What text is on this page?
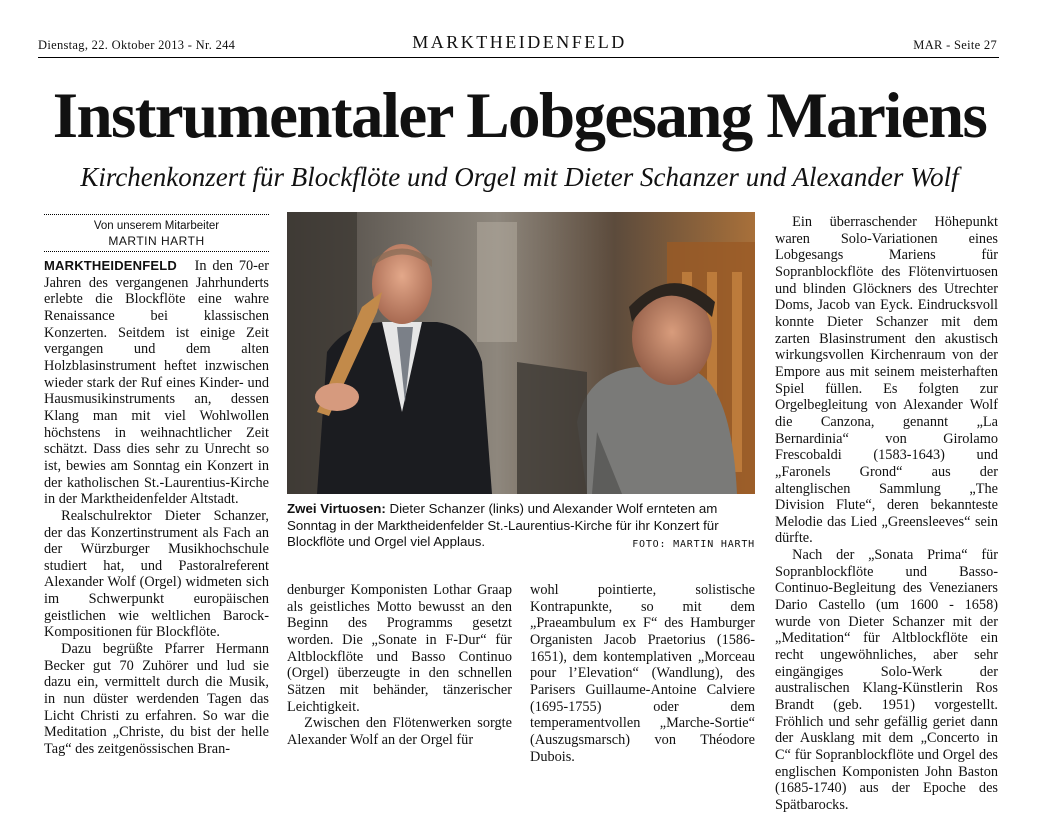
Dienstag, 22. Oktober 2013 - Nr. 244	MARKTHEIDENFELD	MAR - Seite 27
Instrumentaler Lobgesang Mariens
Kirchenkonzert für Blockflöte und Orgel mit Dieter Schanzer und Alexander Wolf
Von unserem Mitarbeiter
MARTIN HARTH

MARKTHEIDENFELD In den 70-er Jahren des vergangenen Jahrhunderts erlebte die Blockflöte eine wahre Renaissance bei klassischen Konzerten. Seitdem ist einige Zeit vergangen und dem alten Holzblasinstrument heftet inzwischen wieder stark der Ruf eines Kinder- und Hausmusikinstruments an, dessen Klang man mit viel Wohlwollen höchstens in weihnachtlicher Zeit schätzt. Dass dies sehr zu Unrecht so ist, bewies am Sonntag ein Konzert in der katholischen St.-Laurentius-Kirche in der Marktheidenfelder Altstadt.

Realschulrektor Dieter Schanzer, der das Konzertinstrument als Fach an der Würzburger Musikhochschule studiert hat, und Pastoralreferent Alexander Wolf (Orgel) widmeten sich im Schwerpunkt europäischen geistlichen wie weltlichen Barock-Kompositionen für Blockflöte.

Dazu begrüßte Pfarrer Hermann Becker gut 70 Zuhörer und lud sie dazu ein, vermittelt durch die Musik, in nun düster werdenden Tagen das Licht Christi zu erfahren. So war die Meditation „Christe, du bist der helle Tag“ des zeitgenössischen Bran-

Zwei Virtuosen: Dieter Schanzer (links) und Alexander Wolf ernteten am Sonntag in der Marktheidenfelder St.-Laurentius-Kirche für ihr Konzert für Blockflöte und Orgel viel Applaus.	FOTO: MARTIN HARTH

denburger Komponisten Lothar Graap als geistliches Motto bewusst an den Beginn des Programms gesetzt worden. Die „Sonate in F-Dur“ für Altblockflöte und Basso Continuo (Orgel) überzeugte in den schnellen Sätzen mit behänder, tänzerischer Leichtigkeit.

Zwischen den Flötenwerken sorgte Alexander Wolf an der Orgel für

wohl pointierte, solistische Kontrapunkte, so mit dem „Praeambulum ex F“ des Hamburger Organisten Jacob Praetorius (1586-1651), dem kontemplativen „Morceau pour l’Elevation“ (Wandlung), des Parisers Guillaume-Antoine Calviere (1695-1755) oder dem temperamentvollen „Marche-Sortie“ (Auszugsmarsch) von Théodore Dubois.

Ein überraschender Höhepunkt waren Solo-Variationen eines Lobgesangs Mariens für Sopranblockflöte des Flötenvirtuosen und blinden Glöckners des Utrechter Doms, Jacob van Eyck. Eindrucksvoll konnte Dieter Schanzer mit dem zarten Blasinstrument den akustisch wirkungsvollen Kirchenraum von der Empore aus mit seinem meisterhaften Spiel füllen. Es folgten zur Orgelbegleitung von Alexander Wolf die Canzona, genannt „La Bernardinia“ von Girolamo Frescobaldi (1583-1643) und „Faronels Grond“ aus der altenglischen Sammlung „The Division Flute“, deren bekannteste Melodie das Lied „Greensleeves“ sein dürfte.

Nach der „Sonata Prima“ für Sopranblockflöte und Basso-Continuo-Begleitung des Venezianers Dario Castello (um 1600 - 1658) wurde von Dieter Schanzer mit der „Meditation“ für Altblockflöte ein recht ungewöhnliches, aber sehr eingängiges Solo-Werk der australischen Klang-Künstlerin Ros Brandt (geb. 1951) vorgestellt. Fröhlich und sehr gefällig geriet dann der Ausklang mit dem „Concerto in C“ für Sopranblockflöte und Orgel des englischen Komponisten John Baston (1685-1740) aus der Epoche des Spätbarocks.
